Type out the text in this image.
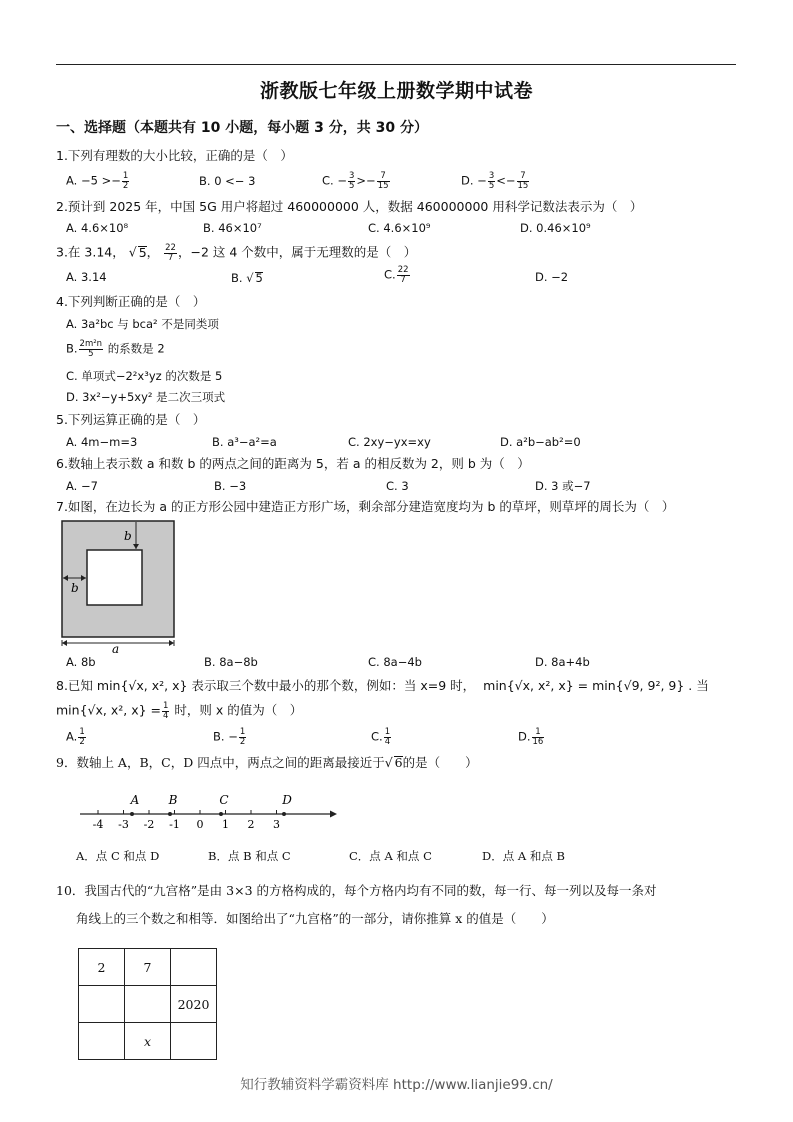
浙教版七年级上册数学期中试卷
一、选择题（本题共有 10 小题，每小题 3 分，共 30 分）
1.下列有理数的大小比较，正确的是（　）
A. $-5 >- \frac{1}{2}$	B. 0 <− 3	C. − $\frac{3}{5} >- \frac{7}{15}$	D. − $\frac{3}{5} <- \frac{7}{15}$
2.预计到 2025 年，中国 5G 用户将超过 460000000 人，数据 460000000 用科学记数法表示为（　）
A. 4.6×10⁸	B. 46×10⁷	C. 4.6×10⁹	D. 0.46×10⁹
3.在 3.14， √ 5， $\frac{22}{7}$ ，−2 这 4 个数中，属于无理数的是（　）
A. 3.14	B. √ 5	C. $\frac{22}{7}$	D. −2
4.下列判断正确的是（　）
A. 3a²bc 与 bca² 不是同类项
B. $\frac{\text{2m²n}}{5}$ 的系数是 2
C. 单项式−2²x³yz 的次数是 5
D. 3x²−y+5xy² 是二次三项式
5.下列运算正确的是（　）
A. 4m−m=3	B. a³−a²=a	C. 2xy−yx=xy	D. a²b−ab²=0
6.数轴上表示数 a 和数 b 的两点之间的距离为 5，若 a 的相反数为 2，则 b 为（　）
A. −7	B. −3	C. 3	D. 3 或−7
7.如图，在边长为 a 的正方形公园中建造正方形广场，剩余部分建造宽度均为 b 的草坪，则草坪的周长为（　）
b
b
a
A. 8b	B. 8a−8b	C. 8a−4b	D. 8a+4b
8.已知 min{√x, x², x} 表示取三个数中最小的那个数，例如：当 x=9 时， min{√x, x², x} = min{√9, 9², 9} . 当
min{√x, x², $x\} = \frac{1}{4}$ 时，则 x 的值为（　）
A. $\frac{1}{2}$	B. − $\frac{1}{2}$	C. $\frac{1}{4}$	D. $\frac{1}{16}$
9．数轴上 A，B，C，D 四点中，两点之间的距离最接近于√ 6的是（　　）
-4 -3 -2 -1 0 1 2 3
A B	C	D
A．点 C 和点 D	B．点 B 和点 C	C．点 A 和点 C	D．点 A 和点 B
10．我国古代的“九宫格”是由 3×3 的方格构成的，每个方格内均有不同的数，每一行、每一列以及每一条对
角线上的三个数之和相等．如图给出了“九宫格”的一部分，请你推算 x 的值是（　　）
2	7	
		2020
	x	
知行教辅资料学霸资料库 http://www.lianjie99.cn/
